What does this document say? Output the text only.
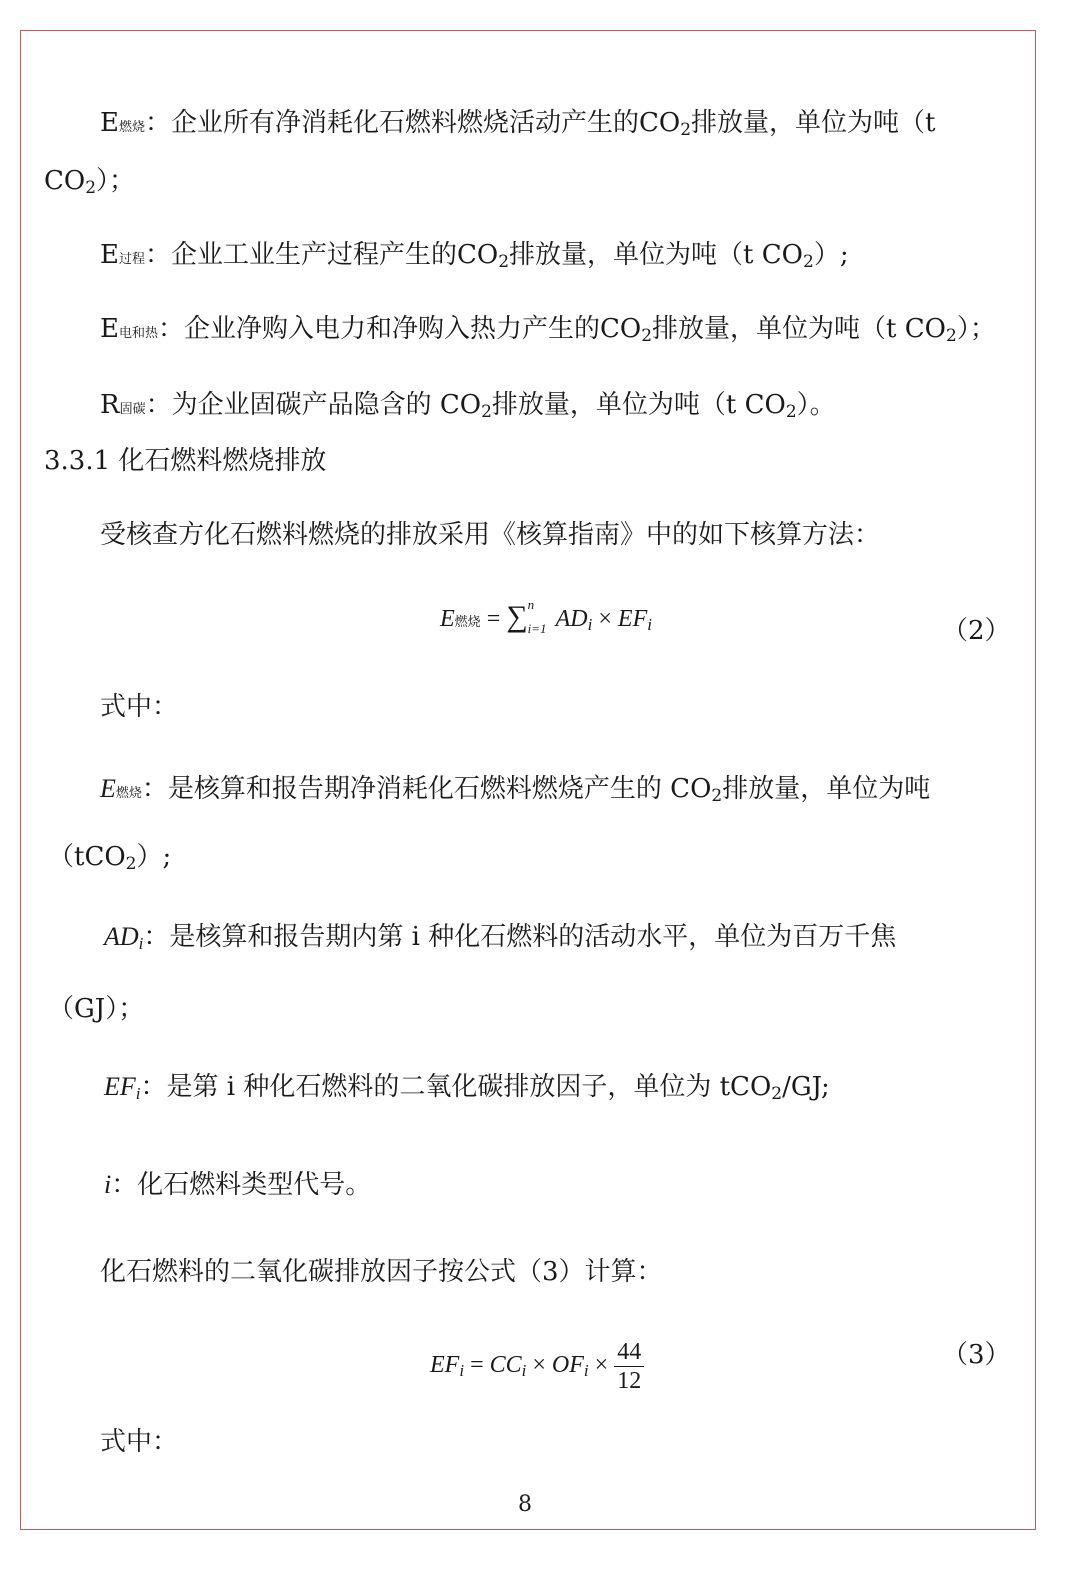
E燃烧：企业所有净消耗化石燃料燃烧活动产生的$CO_2$排放量，单位为吨（t
$CO_2$）；
E过程：企业工业生产过程产生的$CO_2$排放量，单位为吨（t $CO_2$）;
E电和热：企业净购入电力和净购入热力产生的$CO_2$排放量，单位为吨（t $CO_2$）；
R固碳：为企业固碳产品隐含的 $CO_2$排放量，单位为吨（t $CO_2$）。
3.3.1 化石燃料燃烧排放
受核查方化石燃料燃烧的排放采用《核算指南》中的如下核算方法：
E燃烧 = ∑ n
i=1 $AD_i \times EF_i$	（2）
式中：
E燃烧：是核算和报告期净消耗化石燃料燃烧产生的 $CO_2$排放量，单位为吨
（tCO$_2$）;
$AD_i$：是核算和报告期内第 i 种化石燃料的活动水平，单位为百万千焦
（GJ）；
$EF_i$：是第 i 种化石燃料的二氧化碳排放因子，单位为 tCO$_2$/GJ;
i：化石燃料类型代号。
化石燃料的二氧化碳排放因子按公式（3）计算：
$EF_i = CC_i \times OF_i \times \frac{44}{12}$	（3）
式中：
8
